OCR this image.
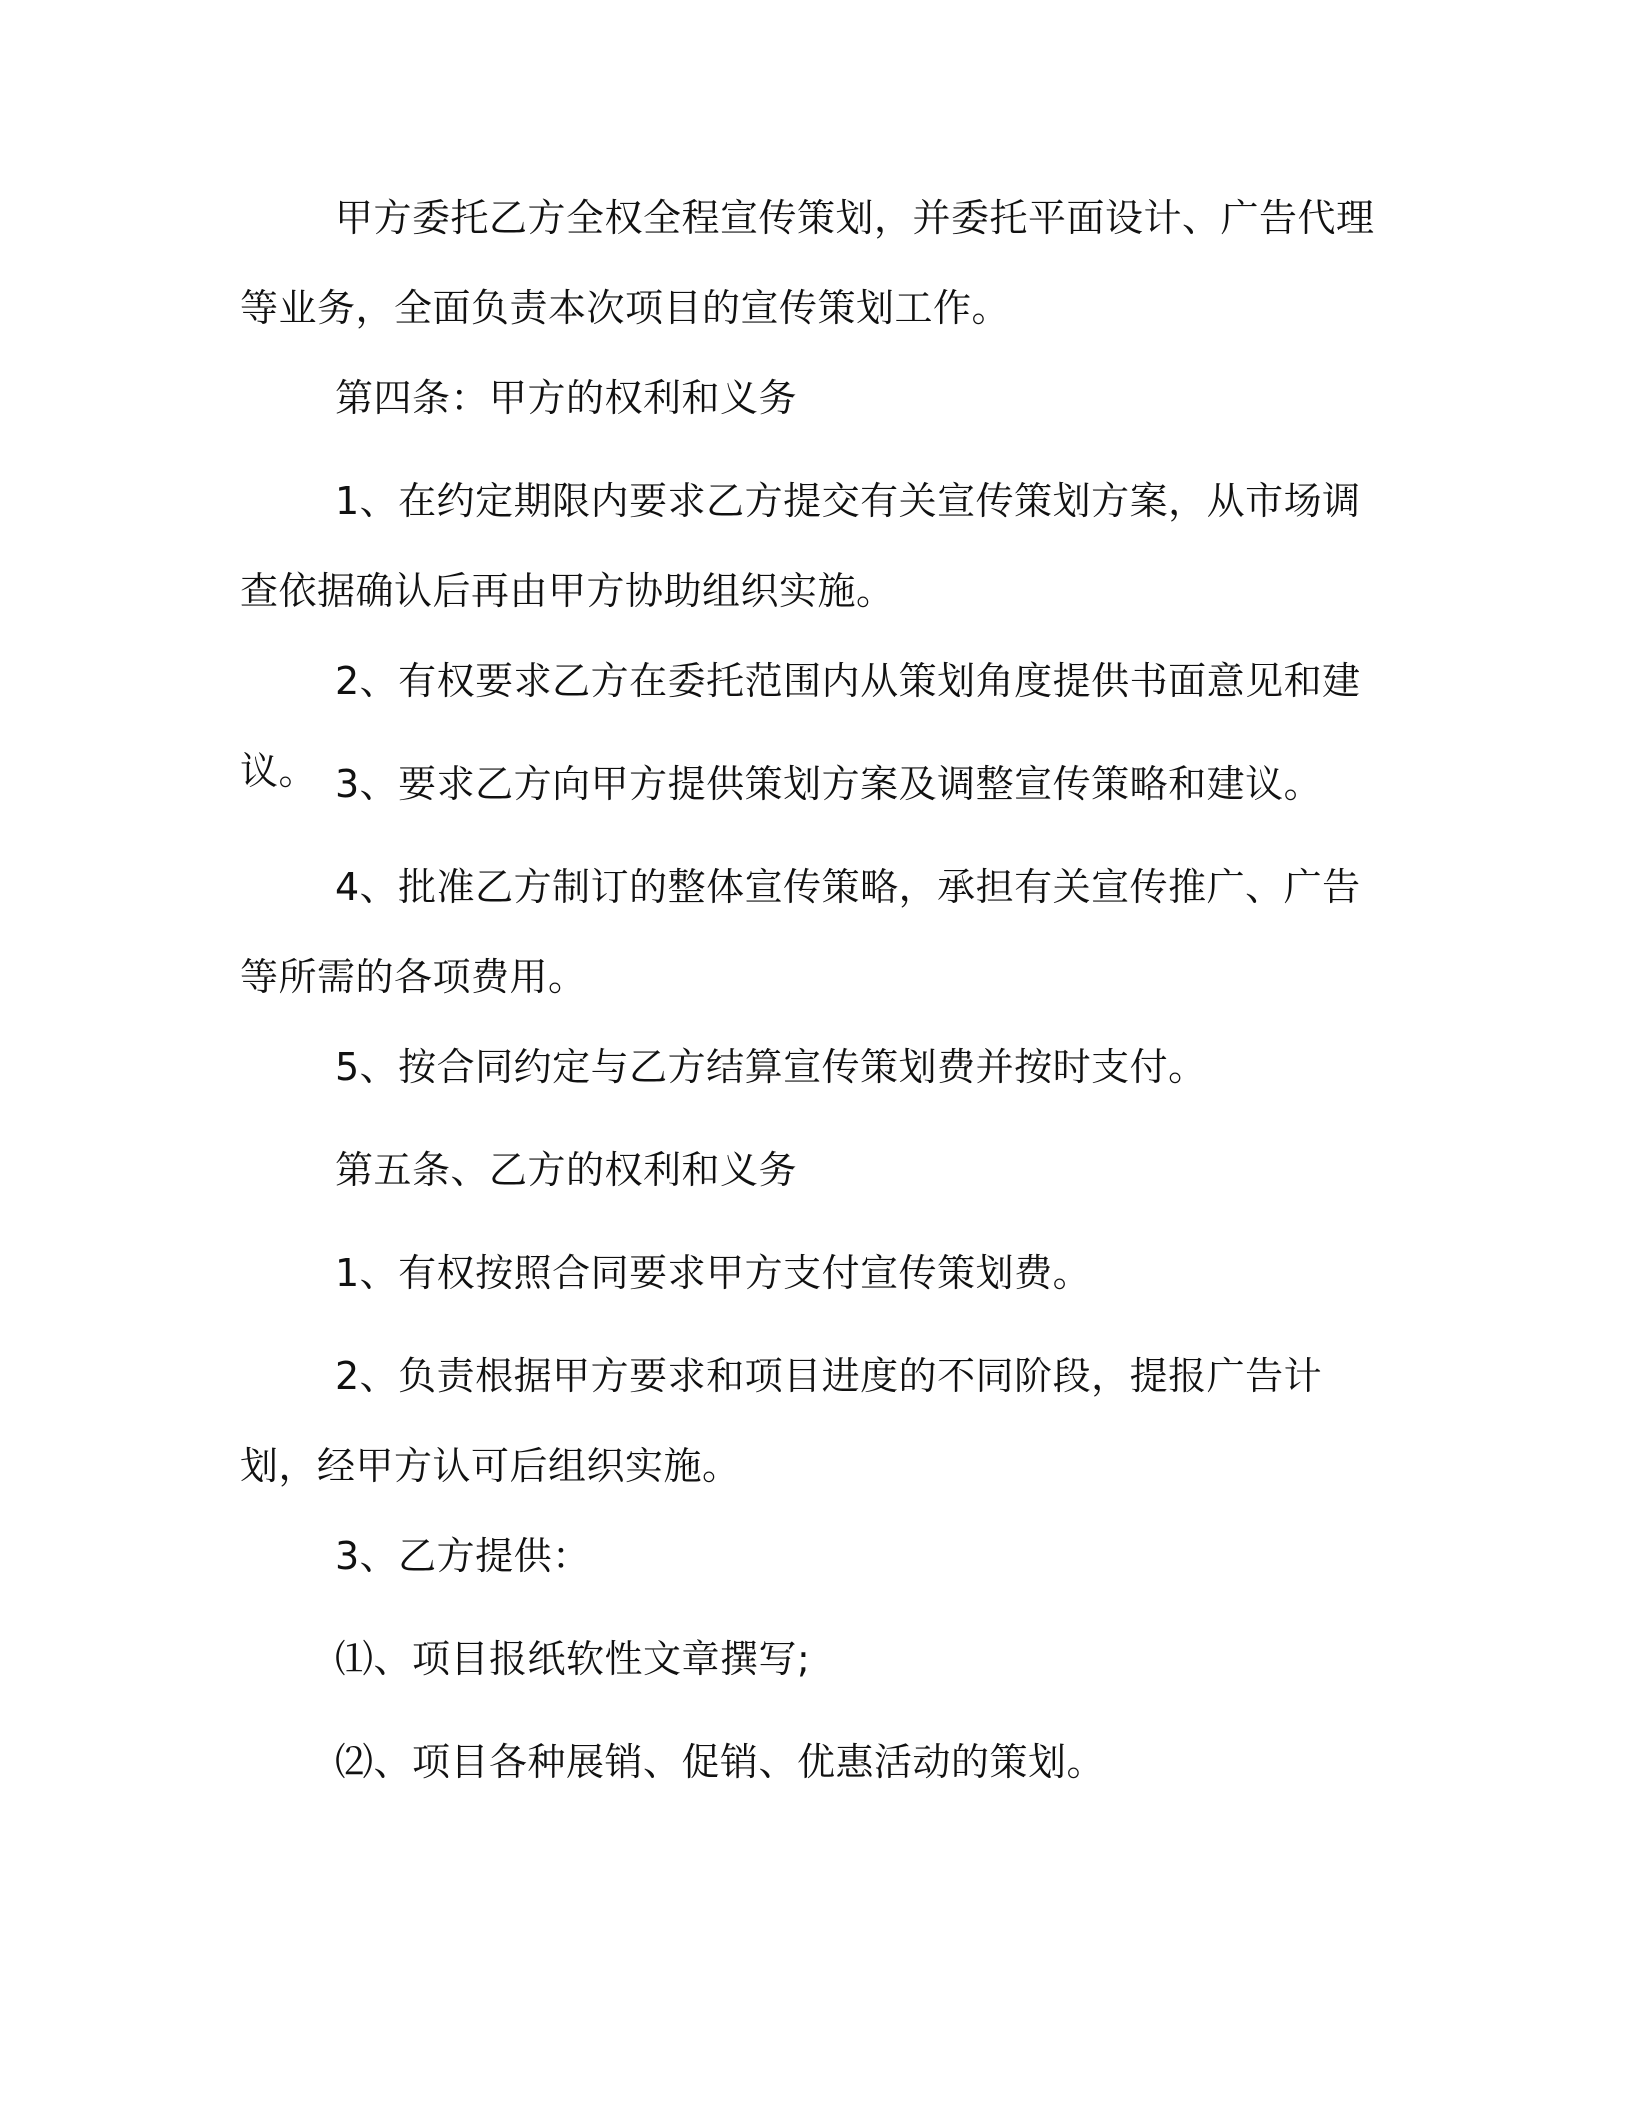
甲方委托乙方全权全程宣传策划，并委托平面设计、广告代理等业务，全面负责本次项目的宣传策划工作。

第四条：甲方的权利和义务

1、在约定期限内要求乙方提交有关宣传策划方案，从市场调查依据确认后再由甲方协助组织实施。

2、有权要求乙方在委托范围内从策划角度提供书面意见和建议。 3、要求乙方向甲方提供策划方案及调整宣传策略和建议。

4、批准乙方制订的整体宣传策略，承担有关宣传推广、广告等所需的各项费用。

5、按合同约定与乙方结算宣传策划费并按时支付。

第五条、乙方的权利和义务

1、有权按照合同要求甲方支付宣传策划费。

2、负责根据甲方要求和项目进度的不同阶段，提报广告计划，经甲方认可后组织实施。

3、乙方提供：

⑴、项目报纸软性文章撰写;

⑵、项目各种展销、促销、优惠活动的策划。
